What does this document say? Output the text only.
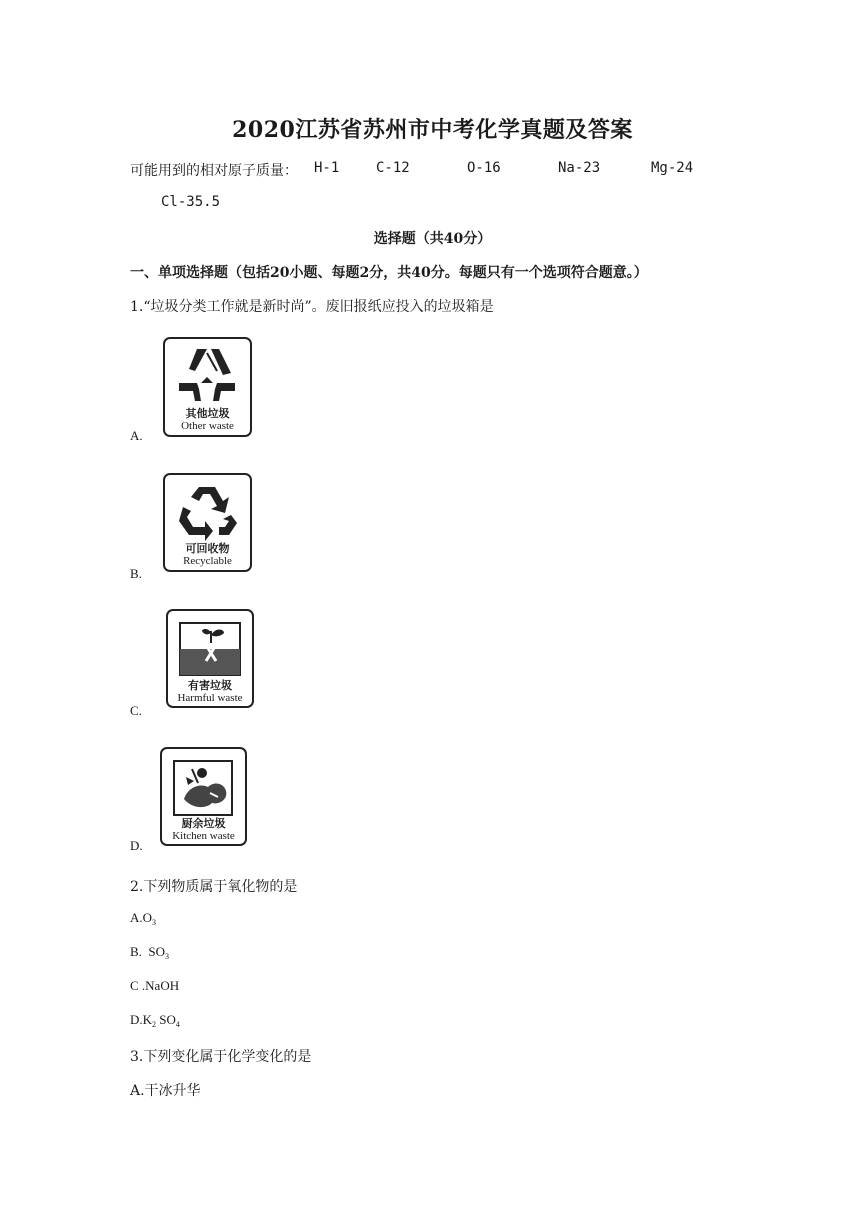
2020江苏省苏州市中考化学真题及答案
可能用到的相对原子质量： H-1	C-12	O-16	Na-23	Mg-24
Cl-35.5
选择题（共40分）
一、单项选择题（包括20小题、每题2分，共40分。每题只有一个选项符合题意。）
1.“垃圾分类工作就是新时尚”。废旧报纸应投入的垃圾箱是
其他垃圾
Other waste
A.
可回收物
Recyclable
B.
有害垃圾
Harmful waste
C.
厨余垃圾
Kitchen waste
D.
2.下列物质属于氧化物的是
$A.O_3$
B.  $SO_3$
C .NaOH
$D.K_2$ $SO_4$
3.下列变化属于化学变化的是
A.干冰升华
